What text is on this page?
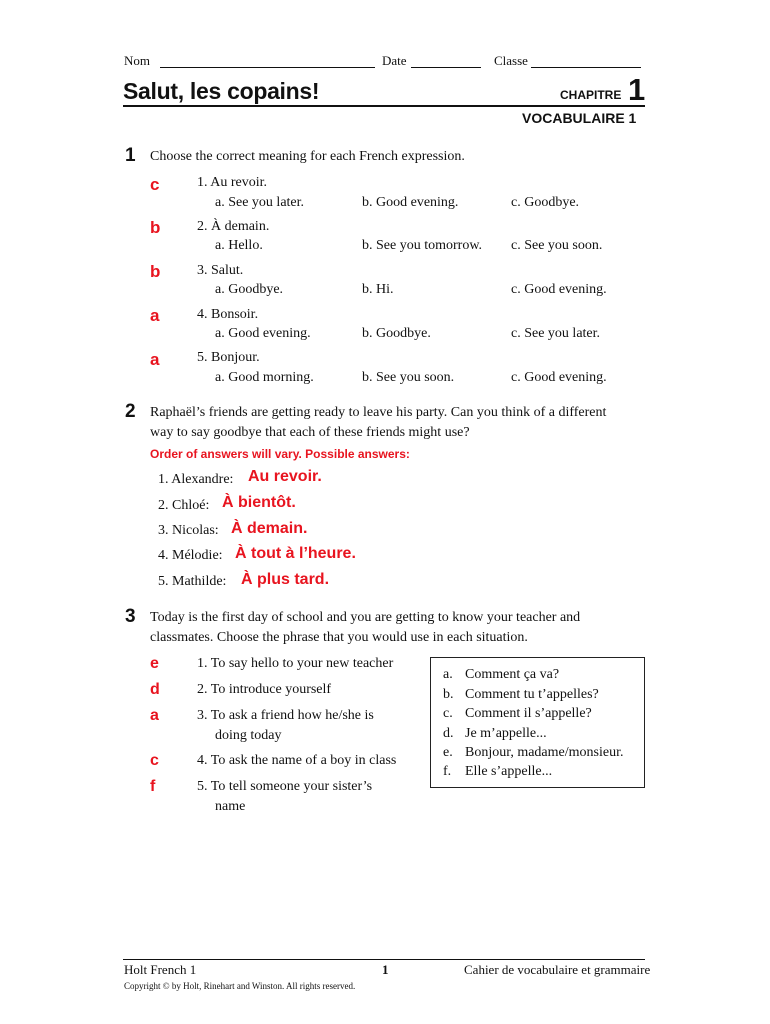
Nom	Date	Classe
Salut, les copains!	CHAPITRE 1
VOCABULAIRE 1
1 Choose the correct meaning for each French expression.
c	1. Au revoir.
a. See you later.	b. Good evening.	c. Goodbye.
b	2. À demain.
a. Hello.	b. See you tomorrow. c. See you soon.
b	3. Salut.
a. Goodbye.	b. Hi.	c. Good evening.
a	4. Bonsoir.
a. Good evening.	b. Goodbye.	c. See you later.
a	5. Bonjour.
a. Good morning.	b. See you soon.	c. Good evening.
2 Raphaël’s friends are getting ready to leave his party. Can you think of a different
way to say goodbye that each of these friends might use?
Order of answers will vary. Possible answers:
1. Alexandre: Au revoir.
2. Chloé: À bientôt.
3. Nicolas: À demain.
4. Mélodie: À tout à l’heure.
5. Mathilde: À plus tard.
3 Today is the first day of school and you are getting to know your teacher and
classmates. Choose the phrase that you would use in each situation.
e	1. To say hello to your new teacher
d	2. To introduce yourself
a	3. To ask a friend how he/she is
doing today
c	4. To ask the name of a boy in class
f	5. To tell someone your sister’s
name
a. Comment ça va?
b. Comment tu t’appelles?
c. Comment il s’appelle?
d. Je m’appelle...
e. Bonjour, madame/monsieur.
f. Elle s’appelle...
Holt French 1	1	Cahier de vocabulaire et grammaire
Copyright © by Holt, Rinehart and Winston. All rights reserved.
